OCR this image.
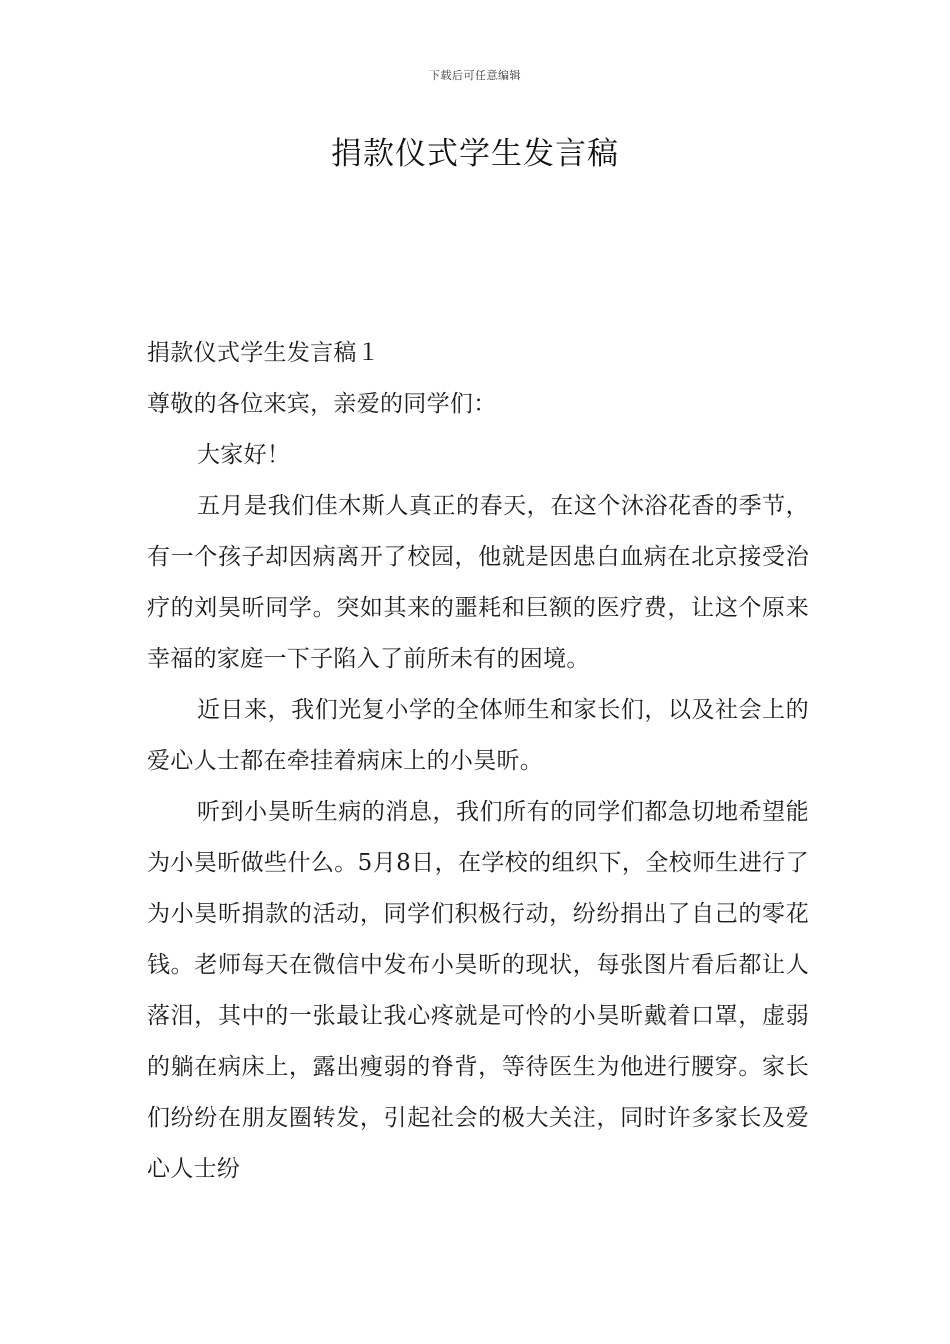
下载后可任意编辑
捐款仪式学生发言稿
捐款仪式学生发言稿１
尊敬的各位来宾，亲爱的同学们：

大家好！

五月是我们佳木斯人真正的春天，在这个沐浴花香的季节，有一个孩子却因病离开了校园，他就是因患白血病在北京接受治疗的刘昊昕同学。突如其来的噩耗和巨额的医疗费，让这个原来幸福的家庭一下子陷入了前所未有的困境。

近日来，我们光复小学的全体师生和家长们，以及社会上的爱心人士都在牵挂着病床上的小昊昕。

听到小昊昕生病的消息，我们所有的同学们都急切地希望能为小昊昕做些什么。5月8日，在学校的组织下，全校师生进行了为小昊昕捐款的活动，同学们积极行动，纷纷捐出了自己的零花钱。老师每天在微信中发布小昊昕的现状，每张图片看后都让人落泪，其中的一张最让我心疼就是可怜的小昊昕戴着口罩，虚弱的躺在病床上，露出瘦弱的脊背，等待医生为他进行腰穿。家长们纷纷在朋友圈转发，引起社会的极大关注，同时许多家长及爱心人士纷
